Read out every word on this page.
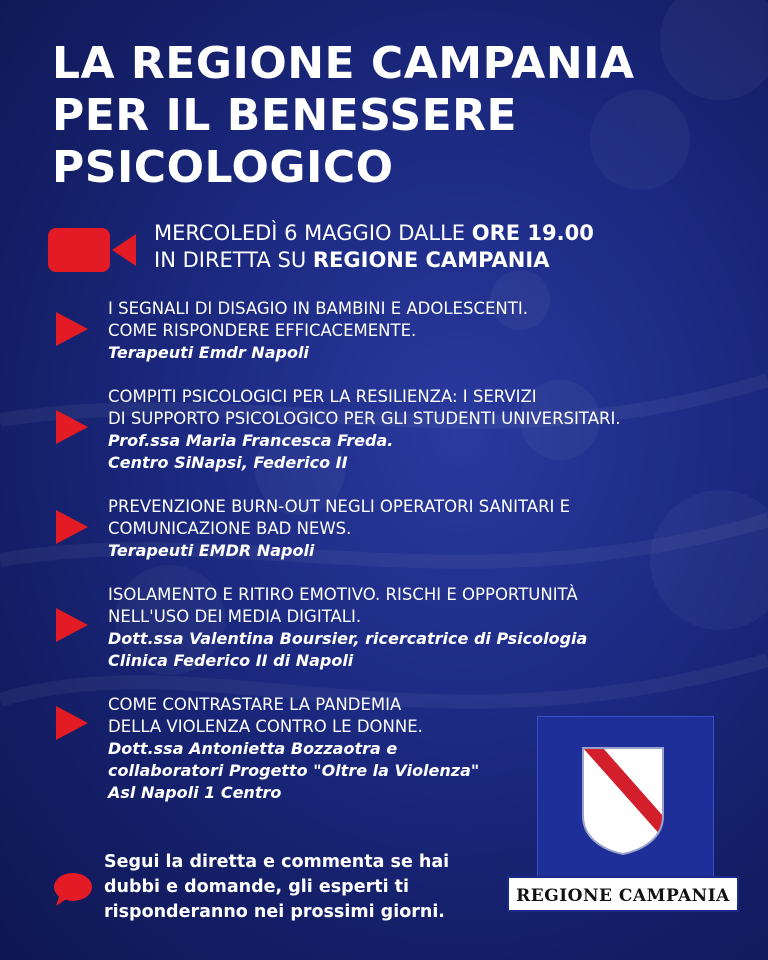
LA REGIONE CAMPANIA
PER IL BENESSERE
PSICOLOGICO
MERCOLEDÌ 6 MAGGIO DALLE ORE 19.00
IN DIRETTA SU REGIONE CAMPANIA
I SEGNALI DI DISAGIO IN BAMBINI E ADOLESCENTI.
COME RISPONDERE EFFICACEMENTE.
Terapeuti Emdr Napoli
COMPITI PSICOLOGICI PER LA RESILIENZA: I SERVIZI
DI SUPPORTO PSICOLOGICO PER GLI STUDENTI UNIVERSITARI.
Prof.ssa Maria Francesca Freda.
Centro SiNapsi, Federico II
PREVENZIONE BURN-OUT NEGLI OPERATORI SANITARI E
COMUNICAZIONE BAD NEWS.
Terapeuti EMDR Napoli
ISOLAMENTO E RITIRO EMOTIVO. RISCHI E OPPORTUNITÀ
NELL'USO DEI MEDIA DIGITALI.
Dott.ssa Valentina Boursier, ricercatrice di Psicologia
Clinica Federico II di Napoli
COME CONTRASTARE LA PANDEMIA
DELLA VIOLENZA CONTRO LE DONNE.
Dott.ssa Antonietta Bozzaotra e
collaboratori Progetto "Oltre la Violenza"
Asl Napoli 1 Centro
REGIONE CAMPANIA
Segui la diretta e commenta se hai
dubbi e domande, gli esperti ti
risponderanno nei prossimi giorni.
